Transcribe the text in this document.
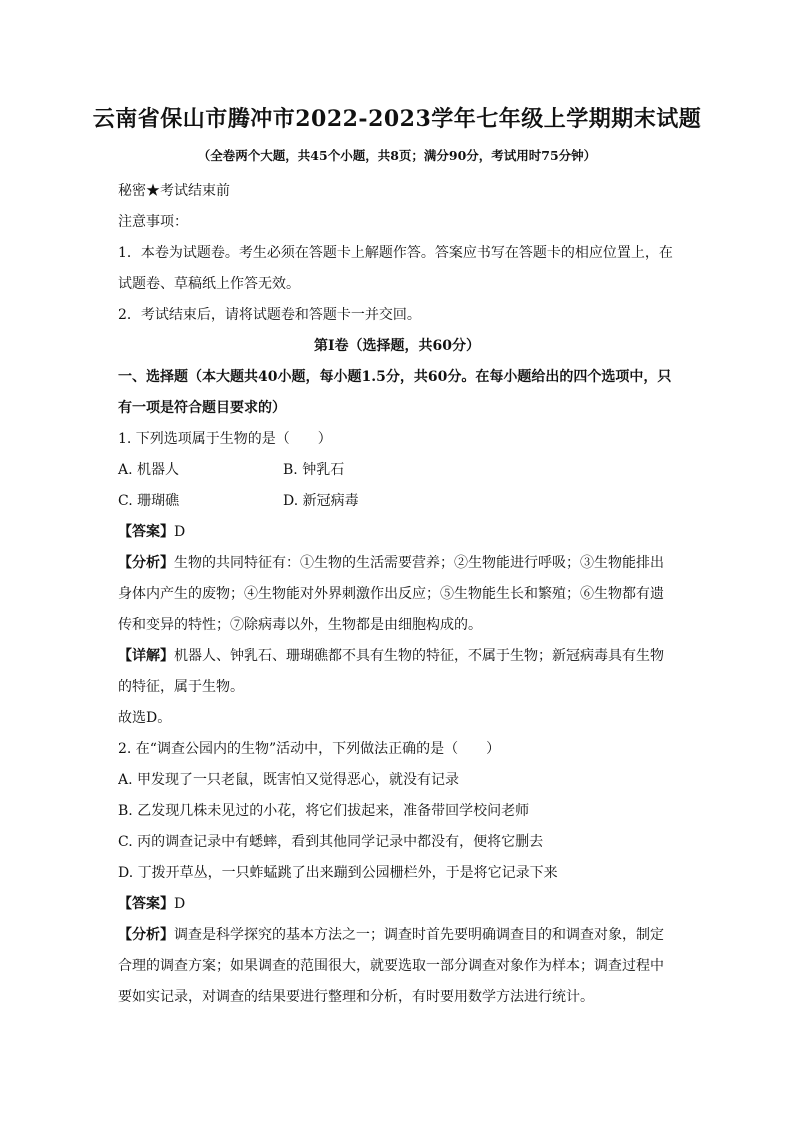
云南省保山市腾冲市2022-2023学年七年级上学期期末试题
（全卷两个大题，共45个小题，共8页；满分90分，考试用时75分钟）
秘密★考试结束前
注意事项：
1．本卷为试题卷。考生必须在答题卡上解题作答。答案应书写在答题卡的相应位置上，在
试题卷、草稿纸上作答无效。
2．考试结束后，请将试题卷和答题卡一并交回。
第Ⅰ卷（选择题，共60分）
一、选择题（本大题共40小题，每小题1.5分，共60分。在每小题给出的四个选项中，只
有一项是符合题目要求的）
1. 下列选项属于生物的是（　　）
A. 机器人	B. 钟乳石
C. 珊瑚礁	D. 新冠病毒
【答案】D
【分析】生物的共同特征有：①生物的生活需要营养；②生物能进行呼吸；③生物能排出
身体内产生的废物；④生物能对外界刺激作出反应；⑤生物能生长和繁殖；⑥生物都有遗
传和变异的特性；⑦除病毒以外，生物都是由细胞构成的。
【详解】机器人、钟乳石、珊瑚礁都不具有生物的特征，不属于生物；新冠病毒具有生物
的特征，属于生物。
故选D。
2. 在“调查公园内的生物”活动中，下列做法正确的是（　　）
A. 甲发现了一只老鼠，既害怕又觉得恶心，就没有记录
B. 乙发现几株未见过的小花，将它们拔起来，准备带回学校问老师
C. 丙的调查记录中有蟋蟀，看到其他同学记录中都没有，便将它删去
D. 丁拨开草丛，一只蚱蜢跳了出来蹦到公园栅栏外，于是将它记录下来
【答案】D
【分析】调查是科学探究的基本方法之一；调查时首先要明确调查目的和调查对象，制定
合理的调查方案；如果调查的范围很大，就要选取一部分调查对象作为样本；调查过程中
要如实记录，对调查的结果要进行整理和分析，有时要用数学方法进行统计。
